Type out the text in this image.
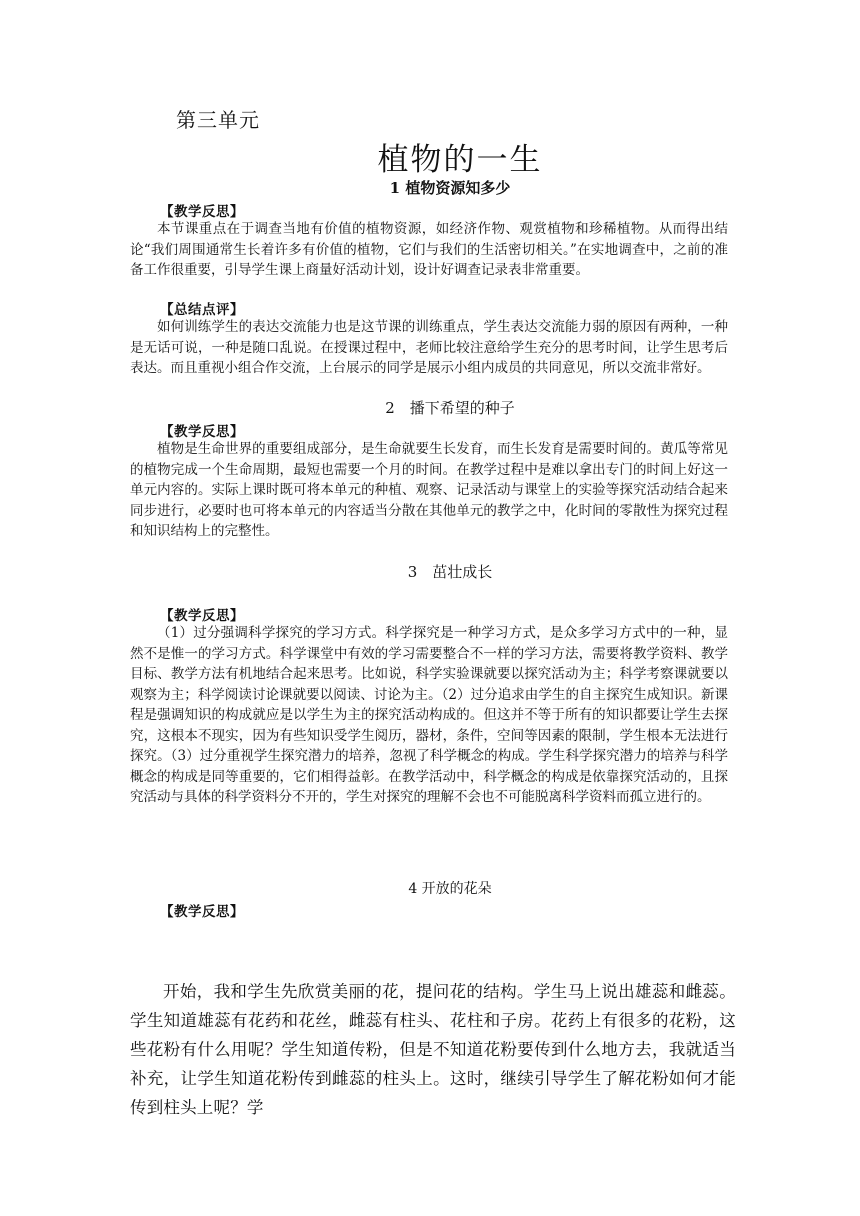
第三单元
植物的一生
1 植物资源知多少
【教学反思】

本节课重点在于调查当地有价值的植物资源，如经济作物、观赏植物和珍稀植物。从而得出结论“我们周围通常生长着许多有价值的植物，它们与我们的生活密切相关。”在实地调查中，之前的准备工作很重要，引导学生课上商量好活动计划，设计好调查记录表非常重要。

【总结点评】

如何训练学生的表达交流能力也是这节课的训练重点，学生表达交流能力弱的原因有两种，一种是无话可说，一种是随口乱说。在授课过程中，老师比较注意给学生充分的思考时间，让学生思考后表达。而且重视小组合作交流，上台展示的同学是展示小组内成员的共同意见，所以交流非常好。

2　播下希望的种子
【教学反思】

植物是生命世界的重要组成部分，是生命就要生长发育，而生长发育是需要时间的。黄瓜等常见的植物完成一个生命周期，最短也需要一个月的时间。在教学过程中是难以拿出专门的时间上好这一单元内容的。实际上课时既可将本单元的种植、观察、记录活动与课堂上的实验等探究活动结合起来同步进行，必要时也可将本单元的内容适当分散在其他单元的教学之中，化时间的零散性为探究过程和知识结构上的完整性。

3　茁壮成长
【教学反思】

（1）过分强调科学探究的学习方式。科学探究是一种学习方式，是众多学习方式中的一种，显然不是惟一的学习方式。科学课堂中有效的学习需要整合不一样的学习方法，需要将教学资料、教学目标、教学方法有机地结合起来思考。比如说，科学实验课就要以探究活动为主；科学考察课就要以观察为主；科学阅读讨论课就要以阅读、讨论为主。（2）过分追求由学生的自主探究生成知识。新课程是强调知识的构成就应是以学生为主的探究活动构成的。但这并不等于所有的知识都要让学生去探究，这根本不现实，因为有些知识受学生阅历，器材，条件，空间等因素的限制，学生根本无法进行探究。（3）过分重视学生探究潜力的培养，忽视了科学概念的构成。学生科学探究潜力的培养与科学概念的构成是同等重要的，它们相得益彰。在教学活动中，科学概念的构成是依靠探究活动的，且探究活动与具体的科学资料分不开的，学生对探究的理解不会也不可能脱离科学资料而孤立进行的。

4 开放的花朵
【教学反思】

开始，我和学生先欣赏美丽的花，提问花的结构。学生马上说出雄蕊和雌蕊。学生知道雄蕊有花药和花丝，雌蕊有柱头、花柱和子房。花药上有很多的花粉，这些花粉有什么用呢？学生知道传粉，但是不知道花粉要传到什么地方去，我就适当补充，让学生知道花粉传到雌蕊的柱头上。这时，继续引导学生了解花粉如何才能传到柱头上呢？学
